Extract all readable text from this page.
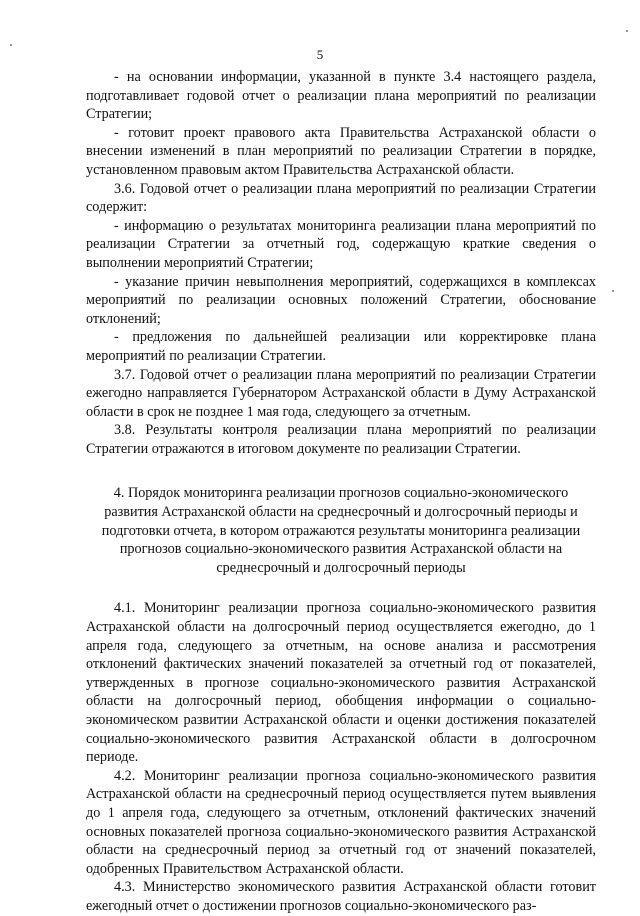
5

- на основании информации, указанной в пункте 3.4 настоящего раздела, подготавливает годовой отчет о реализации плана мероприятий по реализации Стратегии;

- готовит проект правового акта Правительства Астраханской области о внесении изменений в план мероприятий по реализации Стратегии в порядке, установленном правовым актом Правительства Астраханской области.

3.6. Годовой отчет о реализации плана мероприятий по реализации Стратегии содержит:

- информацию о результатах мониторинга реализации плана мероприятий по реализации Стратегии за отчетный год, содержащую краткие сведения о выполнении мероприятий Стратегии;

- указание причин невыполнения мероприятий, содержащихся в комплексах мероприятий по реализации основных положений Стратегии, обоснование отклонений;

- предложения по дальнейшей реализации или корректировке плана мероприятий по реализации Стратегии.

3.7. Годовой отчет о реализации плана мероприятий по реализации Стратегии ежегодно направляется Губернатором Астраханской области в Думу Астраханской области в срок не позднее 1 мая года, следующего за отчетным.

3.8. Результаты контроля реализации плана мероприятий по реализации Стратегии отражаются в итоговом документе по реализации Стратегии.

4. Порядок мониторинга реализации прогнозов социально-экономического развития Астраханской области на среднесрочный и долгосрочный периоды и подготовки отчета, в котором отражаются результаты мониторинга реализации прогнозов социально-экономического развития Астраханской области на среднесрочный и долгосрочный периоды

4.1. Мониторинг реализации прогноза социально-экономического развития Астраханской области на долгосрочный период осуществляется ежегодно, до 1 апреля года, следующего за отчетным, на основе анализа и рассмотрения отклонений фактических значений показателей за отчетный год от показателей, утвержденных в прогнозе социально-экономического развития Астраханской области на долгосрочный период, обобщения информации о социально-экономическом развитии Астраханской области и оценки достижения показателей социально-экономического развития Астраханской области в долгосрочном периоде.

4.2. Мониторинг реализации прогноза социально-экономического развития Астраханской области на среднесрочный период осуществляется путем выявления до 1 апреля года, следующего за отчетным, отклонений фактических значений основных показателей прогноза социально-экономического развития Астраханской области на среднесрочный период за отчетный год от значений показателей, одобренных Правительством Астраханской области.

4.3. Министерство экономического развития Астраханской области готовит ежегодный отчет о достижении прогнозов социально-экономического раз-
